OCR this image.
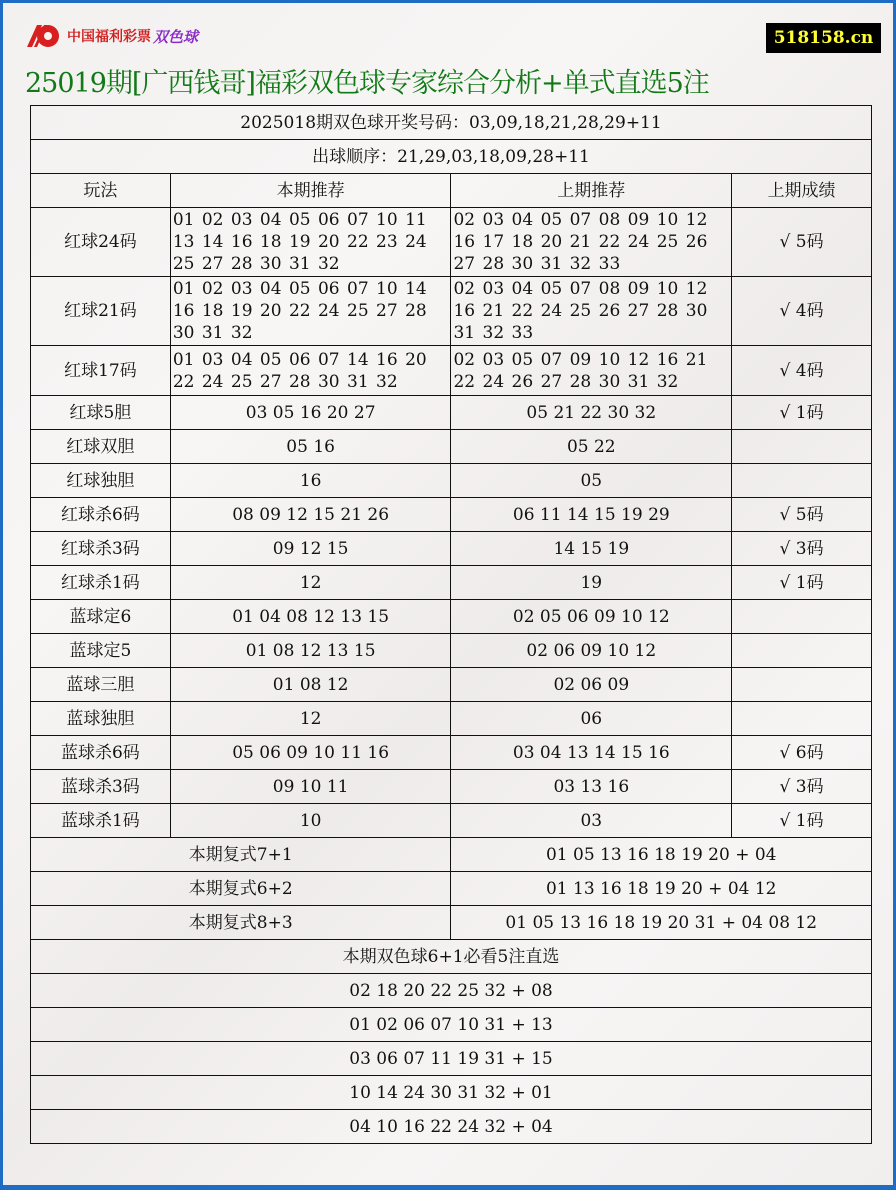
中国福利彩票 双色球	518158.cn
25019期[广西钱哥]福彩双色球专家综合分析+单式直选5注
2025018期双色球开奖号码：03,09,18,21,28,29+11			
出球顺序：21,29,03,18,09,28+11			
玩法	本期推荐	上期推荐	上期成绩
红球24码	01 02 03 04 05 06 07 10 11 13 14 16 18 19 20 22 23 24 25 27 28 30 31 32	02 03 04 05 07 08 09 10 12 16 17 18 20 21 22 24 25 26 27 28 30 31 32 33	√ 5码
红球21码	01 02 03 04 05 06 07 10 14 16 18 19 20 22 24 25 27 28 30 31 32	02 03 04 05 07 08 09 10 12 16 21 22 24 25 26 27 28 30 31 32 33	√ 4码
红球17码	01 03 04 05 06 07 14 16 20 22 24 25 27 28 30 31 32	02 03 05 07 09 10 12 16 21 22 24 26 27 28 30 31 32	√ 4码
红球5胆	03 05 16 20 27	05 21 22 30 32	√ 1码
红球双胆	05 16	05 22	
红球独胆	16	05	
红球杀6码	08 09 12 15 21 26	06 11 14 15 19 29	√ 5码
红球杀3码	09 12 15	14 15 19	√ 3码
红球杀1码	12	19	√ 1码
蓝球定6	01 04 08 12 13 15	02 05 06 09 10 12	
蓝球定5	01 08 12 13 15	02 06 09 10 12	
蓝球三胆	01 08 12	02 06 09	
蓝球独胆	12	06	
蓝球杀6码	05 06 09 10 11 16	03 04 13 14 15 16	√ 6码
蓝球杀3码	09 10 11	03 13 16	√ 3码
蓝球杀1码	10	03	√ 1码
本期复式7+1		01 05 13 16 18 19 20 + 04	
本期复式6+2		01 13 16 18 19 20 + 04 12	
本期复式8+3		01 05 13 16 18 19 20 31 + 04 08 12	
本期双色球6+1必看5注直选			
02 18 20 22 25 32 + 08			
01 02 06 07 10 31 + 13			
03 06 07 11 19 31 + 15			
10 14 24 30 31 32 + 01			
04 10 16 22 24 32 + 04			
